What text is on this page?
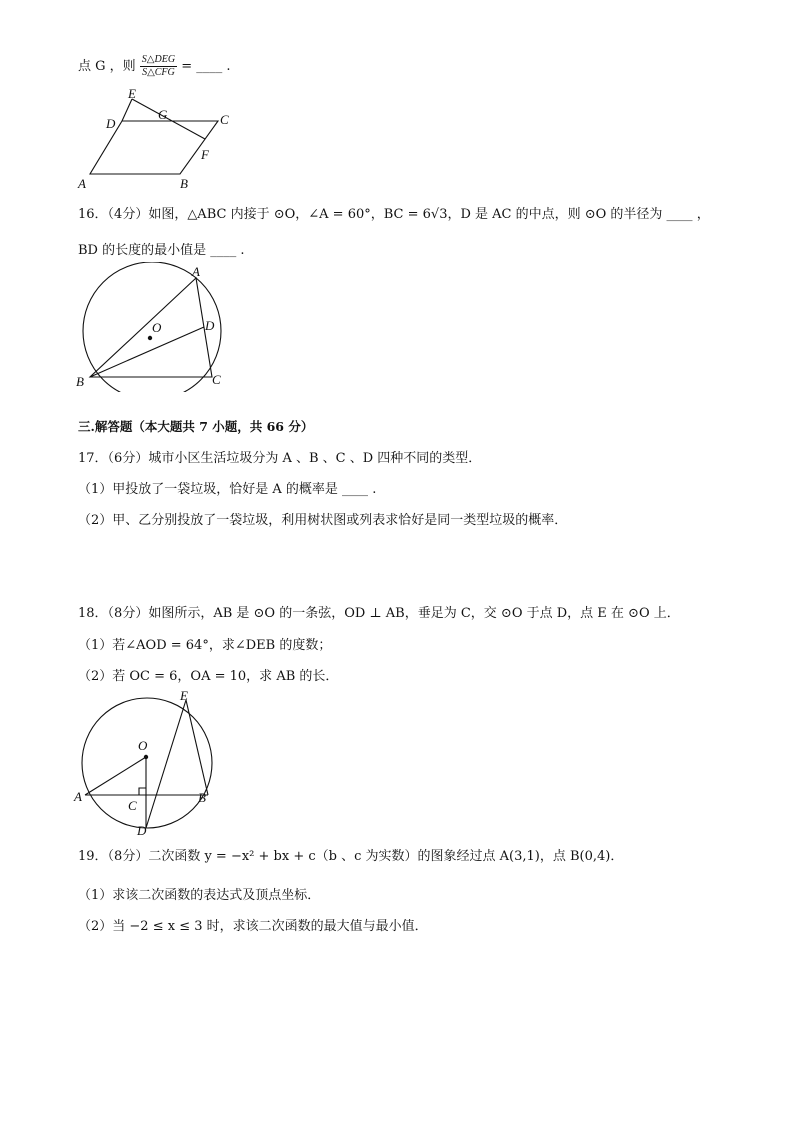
点 G ，则 $\frac{\text{S△DEG}}{\text{S△CFG}}$ = ____ .
E
D
G	C
F
A	B
16．（4分）如图，△ABC 内接于 ⊙O，∠A = 60°，BC = 6√3，D 是 AC 的中点，则 ⊙O 的半径为 ____ ，
BD 的长度的最小值是 ____ .
A
O	D
B	C
三.解答题（本大题共 7 小题，共 66 分）
17．（6分）城市小区生活垃圾分为 A 、B 、C 、D 四种不同的类型．
（1）甲投放了一袋垃圾，恰好是 A 的概率是 ____ .
（2）甲、乙分别投放了一袋垃圾，利用树状图或列表求恰好是同一类型垃圾的概率．
18．（8分）如图所示，AB 是 ⊙O 的一条弦，OD ⊥ AB，垂足为 C，交 ⊙O 于点 D，点 E 在 ⊙O 上．
（1）若∠AOD = 64°，求∠DEB 的度数；
（2）若 OC = 6，OA = 10，求 AB 的长．
E
O
A
C
B
D
19．（8分）二次函数 y = −x² + bx + c（b 、c 为实数）的图象经过点 A(3,1)，点 B(0,4)．
（1）求该二次函数的表达式及顶点坐标．
（2）当 −2 ≤ x ≤ 3 时，求该二次函数的最大值与最小值．
